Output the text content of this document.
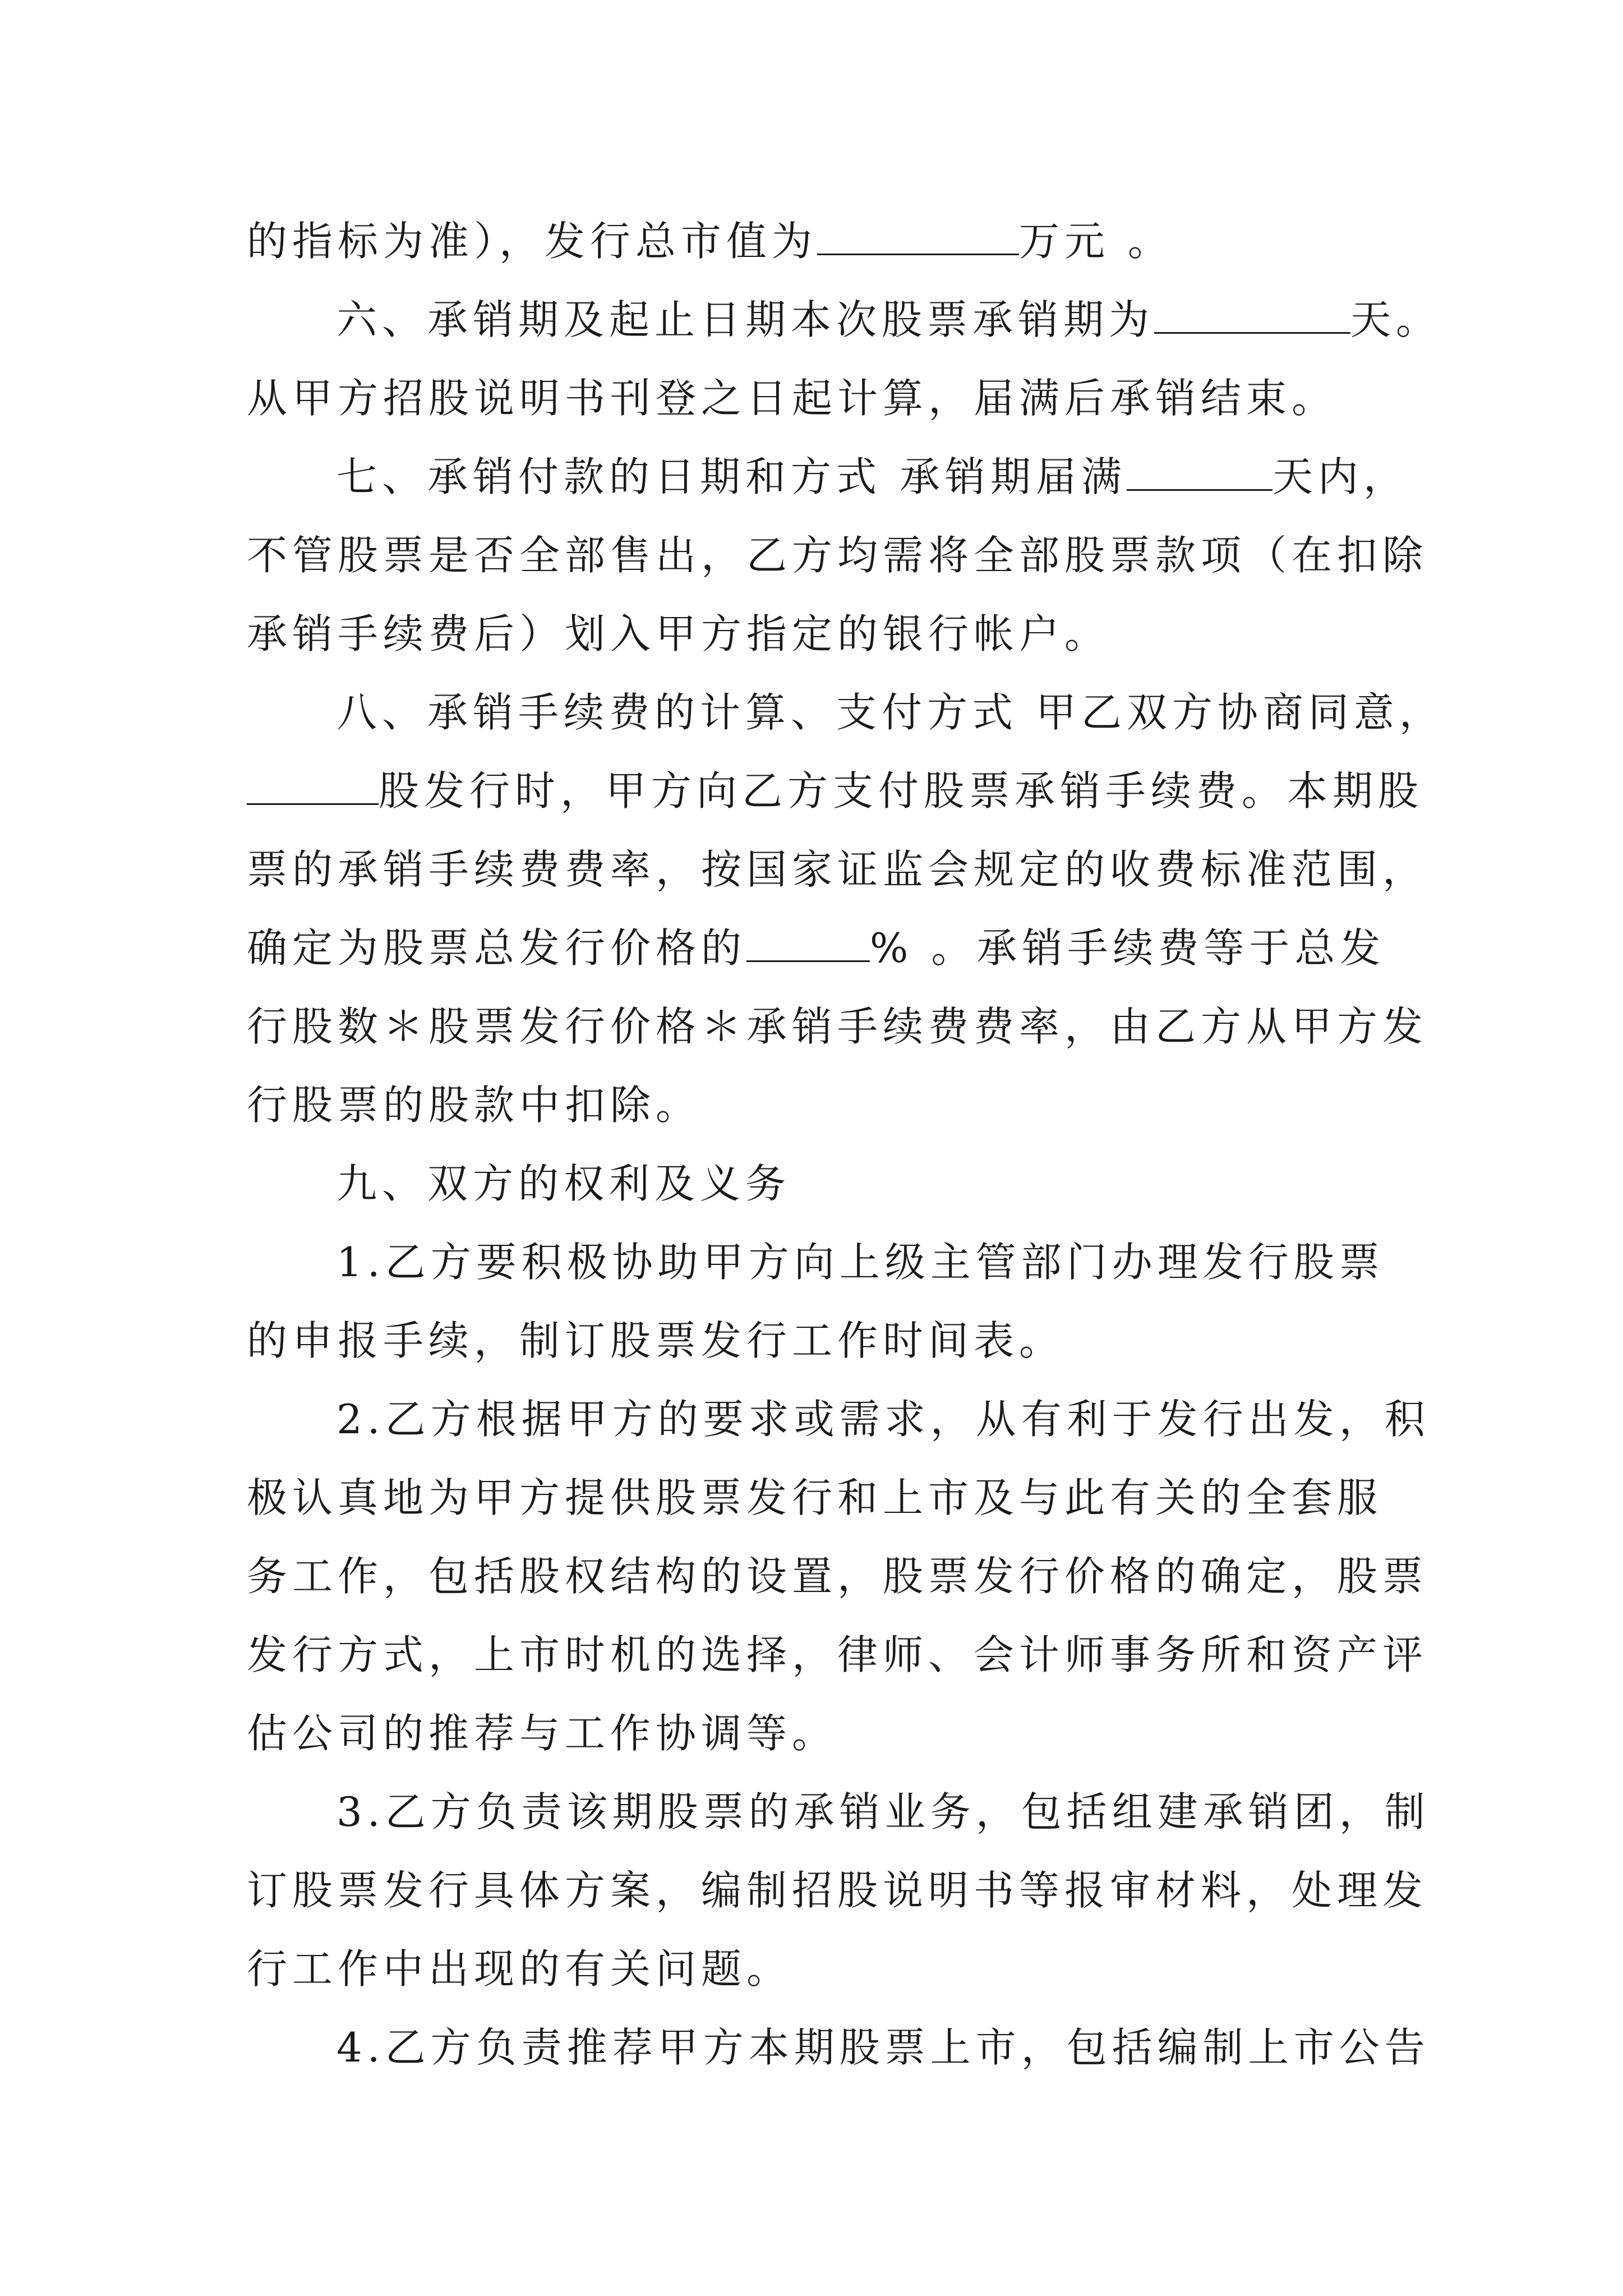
的指标为准），发行总市值为	万元 。
六、承销期及起止日期本次股票承销期为	天。
从甲方招股说明书刊登之日起计算，届满后承销结束。
七、承销付款的日期和方式 承销期届满	天内，
不管股票是否全部售出，乙方均需将全部股票款项（在扣除
承销手续费后）划入甲方指定的银行帐户。
八、承销手续费的计算、支付方式 甲乙双方协商同意，
股发行时，甲方向乙方支付股票承销手续费。本期股
票的承销手续费费率，按国家证监会规定的收费标准范围，
确定为股票总发行价格的	% 。承销手续费等于总发
行股数＊股票发行价格＊承销手续费费率，由乙方从甲方发
行股票的股款中扣除。
九、双方的权利及义务
1.乙方要积极协助甲方向上级主管部门办理发行股票
的申报手续，制订股票发行工作时间表。
2.乙方根据甲方的要求或需求，从有利于发行出发，积
极认真地为甲方提供股票发行和上市及与此有关的全套服
务工作，包括股权结构的设置，股票发行价格的确定，股票
发行方式，上市时机的选择，律师、会计师事务所和资产评
估公司的推荐与工作协调等。
3.乙方负责该期股票的承销业务，包括组建承销团，制
订股票发行具体方案，编制招股说明书等报审材料，处理发
行工作中出现的有关问题。
4.乙方负责推荐甲方本期股票上市，包括编制上市公告
